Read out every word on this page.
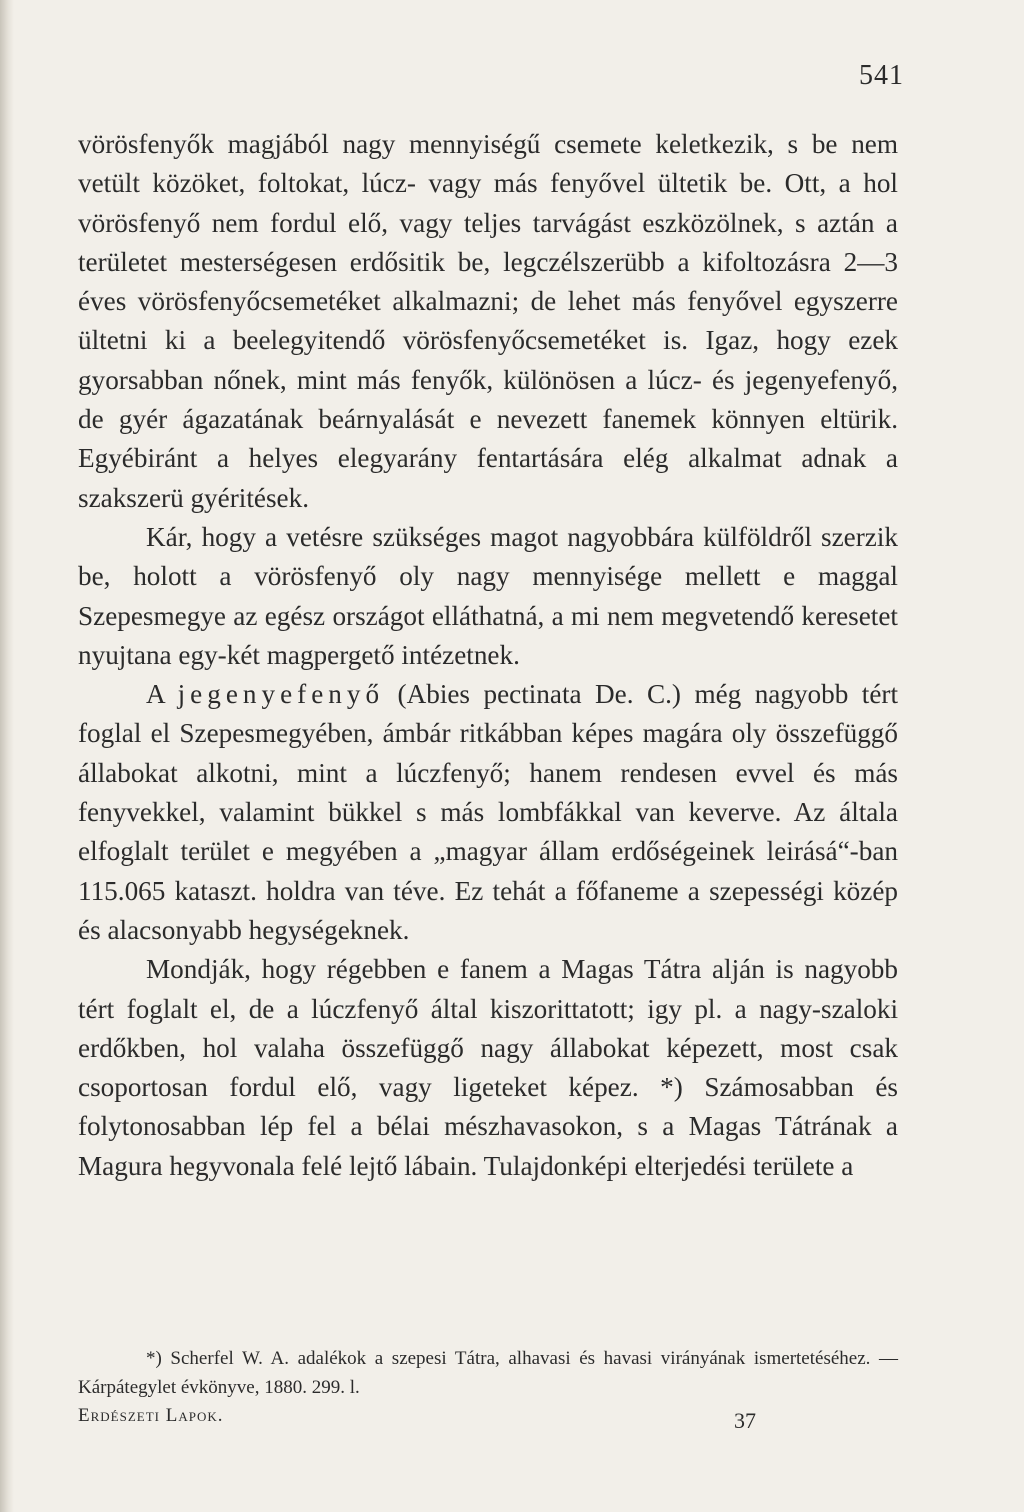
541

vörösfenyők magjából nagy mennyiségű csemete keletkezik, s be nem vetült közöket, foltokat, lúcz- vagy más fenyővel ültetik be. Ott, a hol vörösfenyő nem fordul elő, vagy teljes tarvágást eszközölnek, s aztán a területet mesterségesen erdősitik be, legczélszerübb a kifoltozásra 2—3 éves vörösfenyőcsemetéket alkalmazni; de lehet más fenyővel egyszerre ültetni ki a beelegyitendő vörösfenyőcsemetéket is. Igaz, hogy ezek gyorsabban nőnek, mint más fenyők, különösen a lúcz- és jegenyefenyő, de gyér ágazatának beárnyalását e nevezett fanemek könnyen eltürik. Egyébiránt a helyes elegyarány fentartására elég alkalmat adnak a szakszerü gyéritések.

Kár, hogy a vetésre szükséges magot nagyobbára külföldről szerzik be, holott a vörösfenyő oly nagy mennyisége mellett e maggal Szepesmegye az egész országot elláthatná, a mi nem megvetendő keresetet nyujtana egy-két magpergető intézetnek.

A jegenyefenyő (Abies pectinata De. C.) még nagyobb tért foglal el Szepesmegyében, ámbár ritkábban képes magára oly összefüggő állabokat alkotni, mint a lúczfenyő; hanem rendesen evvel és más fenyvekkel, valamint bükkel s más lombfákkal van keverve. Az általa elfoglalt terület e megyében a „magyar állam erdőségeinek leirásá“-ban 115.065 kataszt. holdra van téve. Ez tehát a főfaneme a szepességi közép és alacsonyabb hegységeknek.

Mondják, hogy régebben e fanem a Magas Tátra alján is nagyobb tért foglalt el, de a lúczfenyő által kiszorittatott; igy pl. a nagy-szaloki erdőkben, hol valaha összefüggő nagy állabokat képezett, most csak csoportosan fordul elő, vagy ligeteket képez. *) Számosabban és folytonosabban lép fel a bélai mészhavasokon, s a Magas Tátrának a Magura hegyvonala felé lejtő lábain. Tulajdonképi elterjedési területe a

*) Scherfel W. A. adalékok a szepesi Tátra, alhavasi és havasi virányának ismertetéséhez. — Kárpátegylet évkönyve, 1880. 299. l.
Erdészeti Lapok.	37
